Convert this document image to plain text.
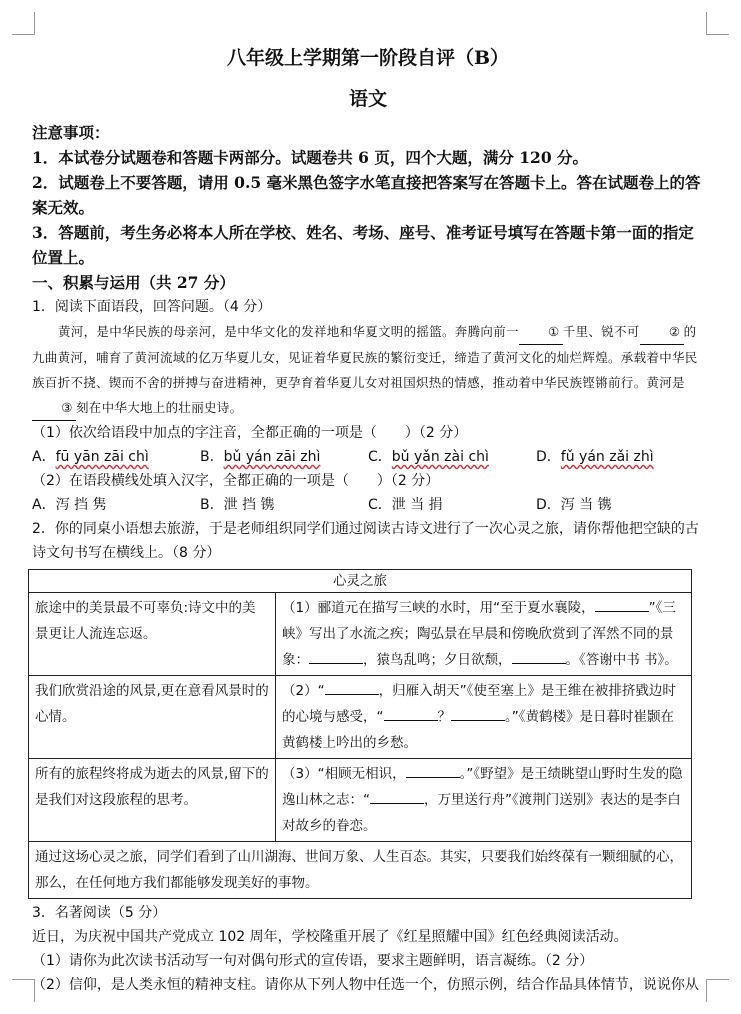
八年级上学期第一阶段自评（B）

语文

注意事项：

1．本试卷分试题卷和答题卡两部分。试题卷共 6 页，四个大题，满分 120 分。

2．试题卷上不要答题，请用 0.5 毫米黑色签字水笔直接把答案写在答题卡上。答在试题卷上的答案无效。

3．答题前，考生务必将本人所在学校、姓名、考场、座号、准考证号填写在答题卡第一面的指定位置上。

一、积累与运用（共 27 分）

1．阅读下面语段，回答问题。（4 分）

黄河，是中华民族的母亲河，是中华文化的发祥地和华夏文明的摇篮。奔腾向前一 ① 千里、锐不可 ② 的九曲黄河，哺育了黄河流域的亿万华夏儿女，见证着华夏民族的繁衍变迁，缔造了黄河文化的灿烂辉煌。承载着中华民族百折不挠、锲而不舍的拼搏与奋进精神，更孕育着华夏儿女对祖国炽热的情感，推动着中华民族铿锵前行。黄河是③ 刻在中华大地上的壮丽史诗。

（1）依次给语段中加点的字注音，全都正确的一项是（　　）（2 分）

A．fū yān zāi chì	B．bǔ yán zāi zhì	C．bǔ yǎn zài chì	D．fǔ yán zǎi zhì

（2）在语段横线处填入汉字，全都正确的一项是（　　）（2 分）

A．泻 挡 隽	B．泄 挡 镌	C．泄 当 捐	D．泻 当 镌

2．你的同桌小语想去旅游，于是老师组织同学们通过阅读古诗文进行了一次心灵之旅，请你帮他把空缺的古诗文句书写在横线上。（8 分）

心灵之旅	
旅途中的美景最不可辜负:诗文中的美景更让人流连忘返。	（1）郦道元在描写三峡的水时，用“至于夏水襄陵， ”《三峡》写出了水流之疾；陶弘景在早晨和傍晚欣赏到了浑然不同的景象： ，猿鸟乱鸣；夕日欲颓， 。《答谢中书 书》。
我们欣赏沿途的风景,更在意看风景时的心情。	（2）“ ，归雁入胡天”《使至塞上》是王维在被排挤戥边时的心境与感受，“ ？ 。”《黄鹤楼》是日暮时崔颢在黄鹤楼上吟出的乡愁。
所有的旅程终将成为逝去的风景,留下的是我们对这段旅程的思考。	（3）“相顾无相识， 。”《野望》是王绩眺望山野时生发的隐逸山林之志：“ ，万里送行舟”《渡荆门送别》表达的是李白对故乡的眷恋。
通过这场心灵之旅，同学们看到了山川湖海、世间万象、人生百态。其实，只要我们始终葆有一颗细腻的心，那么，在任何地方我们都能够发现美好的事物。	

3．名著阅读（5 分）

近日，为庆祝中国共产党成立 102 周年，学校隆重开展了《红星照耀中国》红色经典阅读活动。

（1）请你为此次读书活动写一句对偶句形式的宣传语，要求主题鲜明，语言凝练。（2 分）

（2）信仰，是人类永恒的精神支柱。请你从下列人物中任选一个，仿照示例，结合作品具体情节，说说你从
